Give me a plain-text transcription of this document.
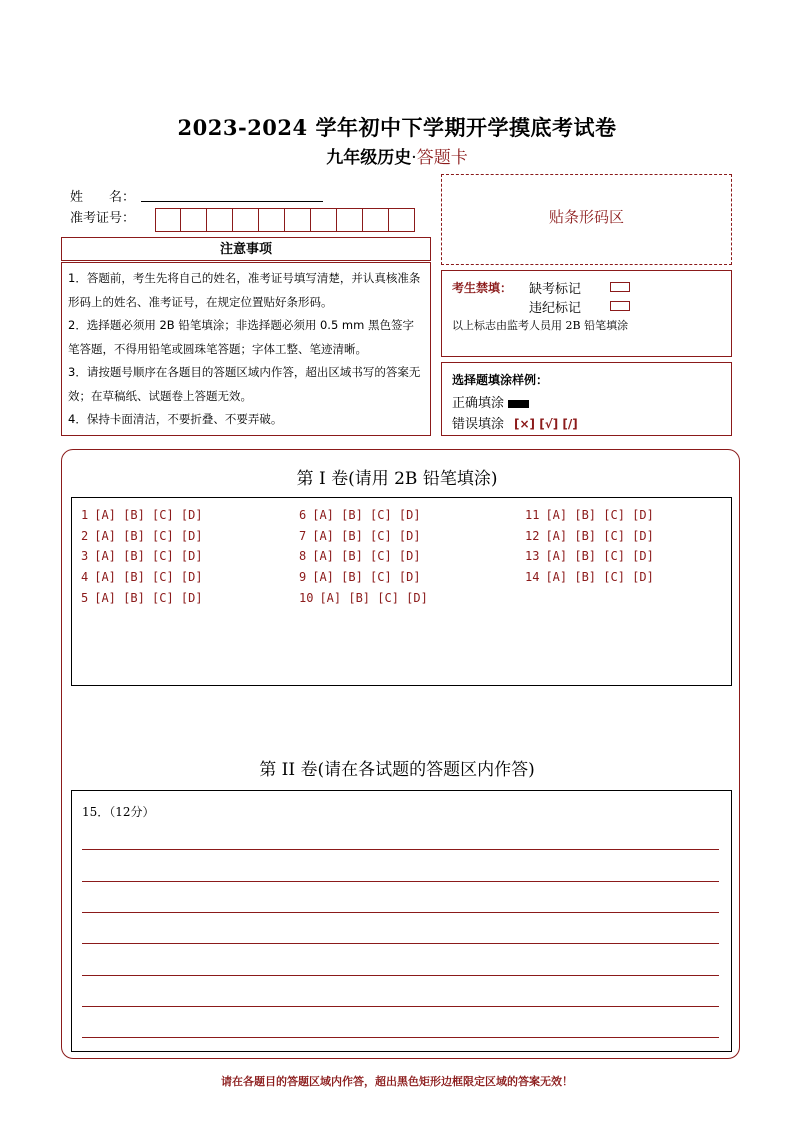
2023-2024 学年初中下学期开学摸底考试卷
九年级历史·答题卡
姓　　名：
准考证号：	贴条形码区
注意事项
1．答题前，考生先将自己的姓名，准考证号填写清楚，并认真核准条形码上的姓名、准考证号，在规定位置贴好条形码。
2．选择题必须用 2B 铅笔填涂；非选择题必须用 0.5 mm 黑色签字笔答题，不得用铅笔或圆珠笔答题；字体工整、笔迹清晰。
3．请按题号顺序在各题目的答题区域内作答，超出区域书写的答案无效；在草稿纸、试题卷上答题无效。
4．保持卡面清洁，不要折叠、不要弄破。
考生禁填： 缺考标记
违纪标记
以上标志由监考人员用 2B 铅笔填涂
选择题填涂样例：
正确填涂
错误填涂 [×] [√] [/]
第 I 卷(请用 2B 铅笔填涂)
1 [A] [B] [C] [D]
2 [A] [B] [C] [D]
3 [A] [B] [C] [D]
4 [A] [B] [C] [D]
5 [A] [B] [C] [D]
6 [A] [B] [C] [D]
7 [A] [B] [C] [D]
8 [A] [B] [C] [D]
9 [A] [B] [C] [D]
10 [A] [B] [C] [D]
11 [A] [B] [C] [D]
12 [A] [B] [C] [D]
13 [A] [B] [C] [D]
14 [A] [B] [C] [D]
第 II 卷(请在各试题的答题区内作答)
15．（12分）
请在各题目的答题区域内作答，超出黑色矩形边框限定区域的答案无效！
